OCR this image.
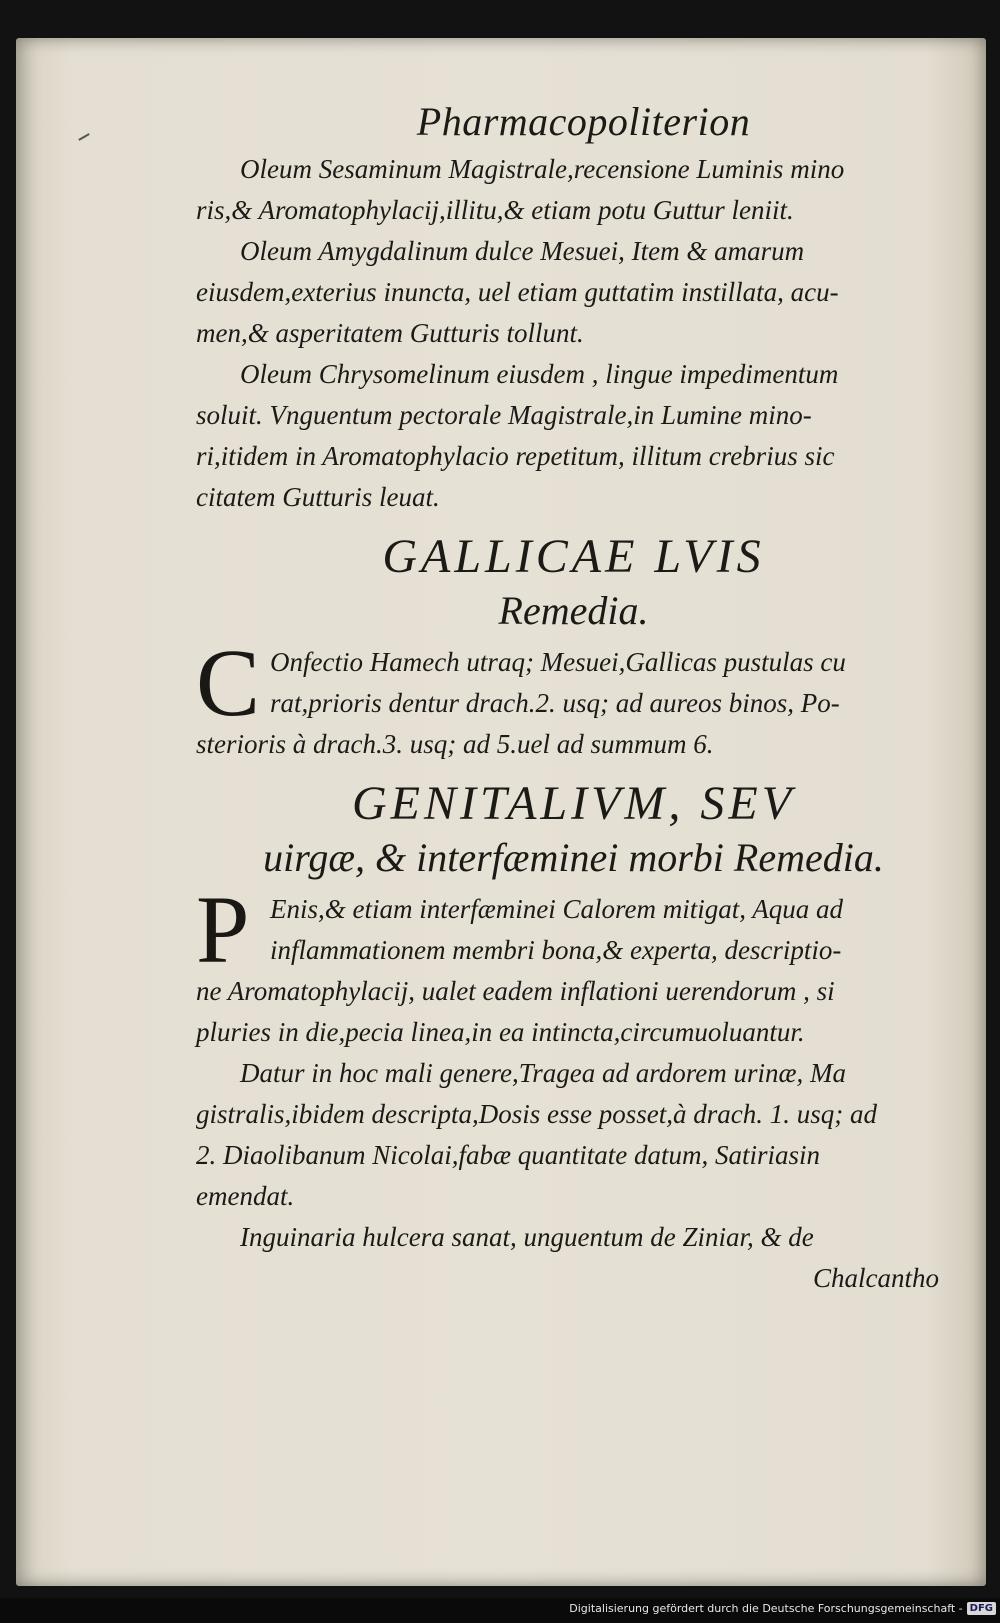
Pharmacopoliterion
Oleum Sesaminum Magistrale,recensione Luminis mino
ris,& Aromatophylacij,illitu,& etiam potu Guttur leniit.
Oleum Amygdalinum dulce Mesuei, Item & amarum
eiusdem,exterius inuncta, uel etiam guttatim instillata, acu-
men,& asperitatem Gutturis tollunt.
Oleum Chrysomelinum eiusdem , lingue impedimentum
soluit. Vnguentum pectorale Magistrale,in Lumine mino-
ri,itidem in Aromatophylacio repetitum, illitum crebrius sic
citatem Gutturis leuat.
GALLICAE LVIS
Remedia.
C Onfectio Hamech utraq; Mesuei,Gallicas pustulas cu
rat,prioris dentur drach.2. usq; ad aureos binos, Po-
sterioris à drach.3. usq; ad 5.uel ad summum 6.
GENITALIVM, SEV
uirgæ, & interfæminei morbi Remedia.
P Enis,& etiam interfæminei Calorem mitigat, Aqua ad
inflammationem membri bona,& experta, descriptio-
ne Aromatophylacij, ualet eadem inflationi uerendorum , si
pluries in die,pecia linea,in ea intincta,circumuoluantur.
Datur in hoc mali genere,Tragea ad ardorem urinæ, Ma
gistralis,ibidem descripta,Dosis esse posset,à drach. 1. usq; ad
2. Diaolibanum Nicolai,fabæ quantitate datum, Satiriasin
emendat.
Inguinaria hulcera sanat, unguentum de Ziniar, & de
Chalcantho
Digitalisierung gefördert durch die Deutsche Forschungsgemeinschaft - DFG
